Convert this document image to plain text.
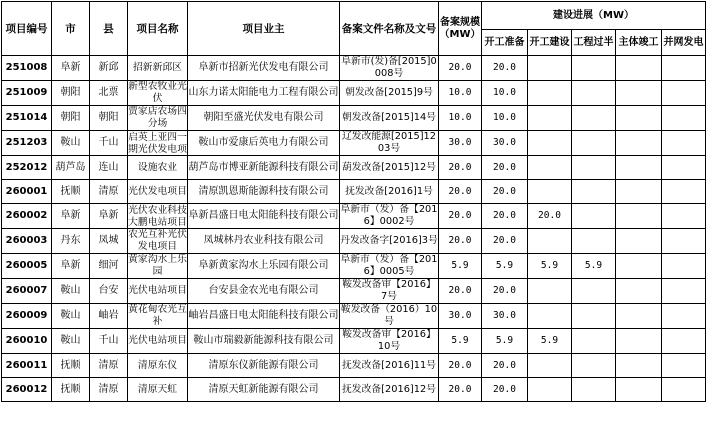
项目编号	市	县	项目名称	项目业主	备案文件名称及文号	备案规模（MW）	建设进展（MW）				

							开工准备	开工建设	工程过半	主体竣工	并网发电

251008	阜新	新邱	招新新邱区	阜新市招新光伏发电有限公司	阜新市(发)备[2015]0008号	20.0	20.0				
251009	朝阳	北票	新型农牧业光伏	山东力诺太阳能电力工程有限公司	朝发改备[2015]9号	10.0	10.0				
251014	朝阳	朝阳	贾家店农场四分场	朝阳至盛光伏发电有限公司	朝发改备[2015]14号	10.0	10.0				
251203	鞍山	千山	启英上亚四一期光伏发电项	鞍山市爱康后英电力有限公司	辽发改能源[2015]1203号	30.0	30.0				
252012	葫芦岛	连山	设施农业	葫芦岛市博亚新能源科技有限公司	葫发改备[2015]12号	20.0	20.0				
260001	抚顺	清原	光伏发电项目	清原凯恩斯能源科技有限公司	抚发改备[2016]1号	20.0	20.0				
260002	阜新	阜新	光伏农业科技大鹏电站项目	阜新昌盛日电太阳能科技有限公司	阜新市（发）备【2016】0002号	20.0	20.0	20.0			
260003	丹东	凤城	农光互补光伏发电项目	凤城林丹农业科技有限公司	丹发改备字[2016]3号	20.0	20.0				
260005	阜新	细河	黄家沟水上乐园	阜新黄家沟水上乐园有限公司	阜新市（发）备【2016】0005号	5.9	5.9	5.9	5.9		
260007	鞍山	台安	光伏电站项目	台安县金农光电有限公司	鞍发改备审【2016】7号	20.0	20.0				
260009	鞍山	岫岩	黄花甸农光互补	岫岩昌盛日电太阳能科技有限公司	鞍发改备（2016）10号	30.0	30.0				
260010	鞍山	千山	光伏电站项目	鞍山市瑞毅新能源科技有限公司	鞍发改备审【2016】10号	5.9	5.9	5.9			
260011	抚顺	清原	清原东仪	清原东仪新能源有限公司	抚发改备[2016]11号	20.0	20.0				
260012	抚顺	清原	清原天虹	清原天虹新能源有限公司	抚发改备[2016]12号	20.0	20.0				
